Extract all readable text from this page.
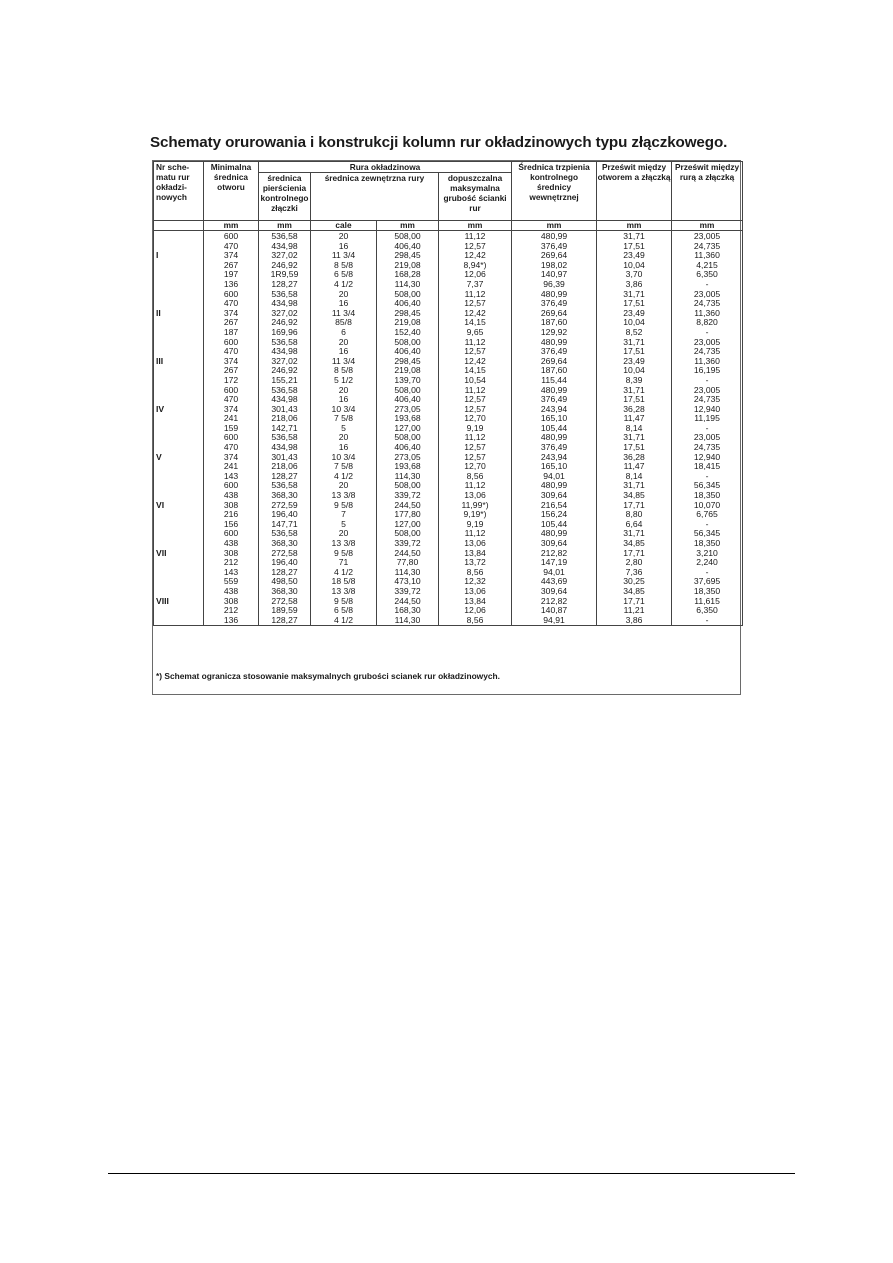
Schematy orurowania i konstrukcji kolumn rur okładzinowych typu złączkowego.
Nr sche-matu rur okładzi-nowych	Minimalna średnica otworu	Rura okładzinowa				Średnica trzpienia kontrolnego średnicy wewnętrznej	Prześwit między otworem a złączką	Prześwit między rurą a złączką
		średnica pierścienia kontrolnego złączki	średnica zewnętrzna rury		dopuszczalna maksymalna grubość ścianki rur			
	mm	mm	cale	mm	mm	mm	mm	mm
	600	536,58	20	508,00	11,12	480,99	31,71	23,005
	470	434,98	16	406,40	12,57	376,49	17,51	24,735
I	374	327,02	11 3/4	298,45	12,42	269,64	23,49	11,360
	267	246,92	8 5/8	219,08	8,94*)	198,02	10,04	4,215
	197	1R9,59	6 5/8	168,28	12,06	140,97	3,70	6,350
	136	128,27	4 1/2	114,30	7,37	96,39	3,86	-
	600	536,58	20	508,00	11,12	480,99	31,71	23,005
	470	434,98	16	406,40	12,57	376,49	17,51	24,735
II	374	327,02	11 3/4	298,45	12,42	269,64	23,49	11,360
	267	246,92	85/8	219,08	14,15	187,60	10,04	8,820
	187	169,96	6	152,40	9,65	129,92	8,52	-
	600	536,58	20	508,00	11,12	480,99	31,71	23,005
	470	434,98	16	406,40	12,57	376,49	17,51	24,735
III	374	327,02	11 3/4	298,45	12,42	269,64	23,49	11,360
	267	246,92	8 5/8	219,08	14,15	187,60	10,04	16,195
	172	155,21	5 1/2	139,70	10,54	115,44	8,39	-
	600	536,58	20	508,00	11,12	480,99	31,71	23,005
	470	434,98	16	406,40	12,57	376,49	17,51	24,735
IV	374	301,43	10 3/4	273,05	12,57	243,94	36,28	12,940
	241	218,06	7 5/8	193,68	12,70	165,10	11,47	11,195
	159	142,71	5	127,00	9,19	105,44	8,14	-
	600	536,58	20	508,00	11,12	480,99	31,71	23,005
	470	434,98	16	406,40	12,57	376,49	17,51	24,735
V	374	301,43	10 3/4	273,05	12,57	243,94	36,28	12,940
	241	218,06	7 5/8	193,68	12,70	165,10	11,47	18,415
	143	128,27	4 1/2	114,30	8,56	94,01	8,14	-
	600	536,58	20	508,00	11,12	480,99	31,71	56,345
	438	368,30	13 3/8	339,72	13,06	309,64	34,85	18,350
VI	308	272,59	9 5/8	244,50	11,99*)	216,54	17,71	10,070
	216	196,40	7	177,80	9,19*)	156,24	8,80	6,765
	156	147,71	5	127,00	9,19	105,44	6,64	-
	600	536,58	20	508,00	11,12	480,99	31,71	56,345
	438	368,30	13 3/8	339,72	13,06	309,64	34,85	18,350
VII	308	272,58	9 5/8	244,50	13,84	212,82	17,71	3,210
	212	196,40	71	77,80	13,72	147,19	2,80	2,240
	143	128,27	4 1/2	114,30	8,56	94,01	7,36	-
	559	498,50	18 5/8	473,10	12,32	443,69	30,25	37,695
	438	368,30	13 3/8	339,72	13,06	309,64	34,85	18,350
VIII	308	272,58	9 5/8	244,50	13,84	212,82	17,71	11,615
	212	189,59	6 5/8	168,30	12,06	140,87	11,21	6,350
	136	128,27	4 1/2	114,30	8,56	94,91	3,86	-
*) Schemat ogranicza stosowanie maksymalnych grubości scianek rur okładzinowych.
